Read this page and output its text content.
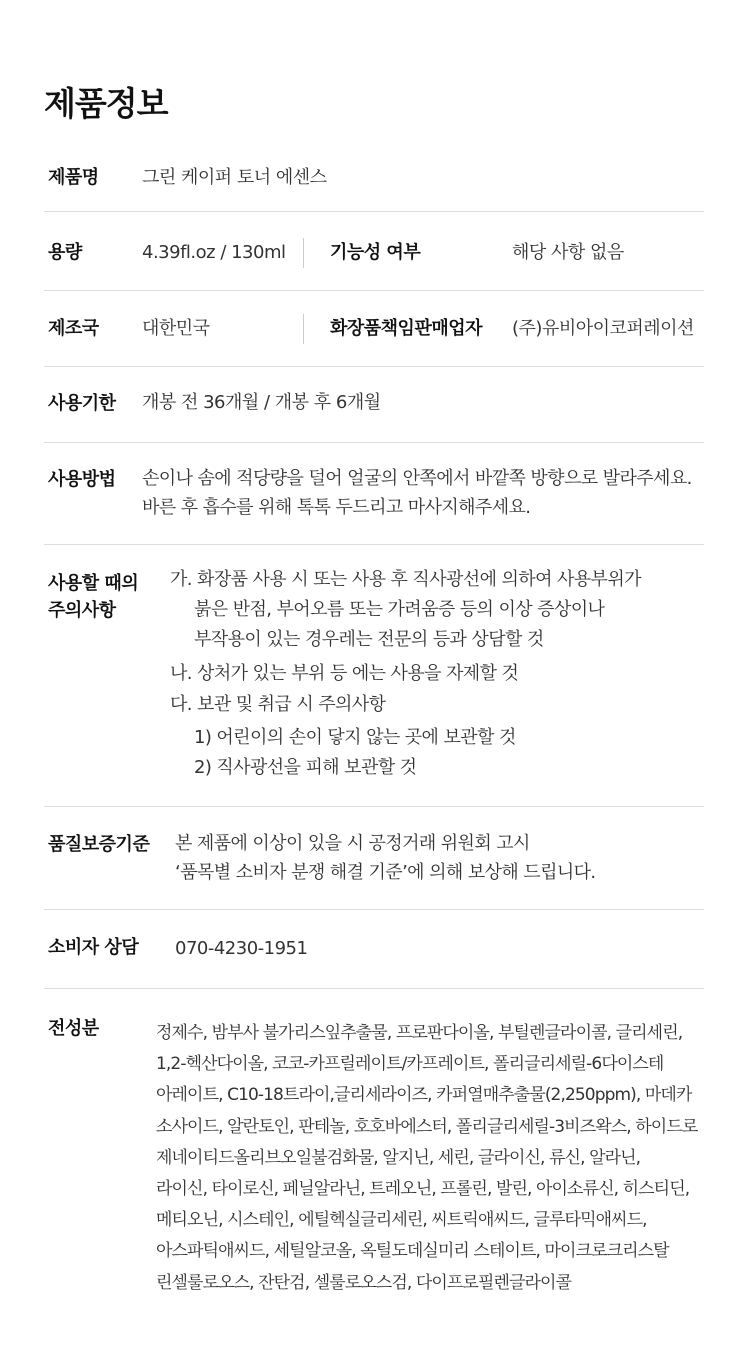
제품정보
제품명 그린 케이퍼 토너 에센스
용량	4.39fl.oz / 130ml 기능성 여부	해당 사항 없음
제조국 대한민국	화장품책임판매업자 (주)유비아이코퍼레이션
사용기한 개봉 전 36개월 / 개봉 후 6개월
사용방법 손이나 솜에 적당량을 덜어 얼굴의 안쪽에서 바깥쪽 방향으로 발라주세요.
바른 후 흡수를 위해 톡톡 두드리고 마사지해주세요.
사용할 때의
주의사항
가. 화장품 사용 시 또는 사용 후 직사광선에 의하여 사용부위가
붉은 반점, 부어오름 또는 가려움증 등의 이상 증상이나
부작용이 있는 경우레는 전문의 등과 상담할 것
나. 상처가 있는 부위 등 에는 사용을 자제할 것
다. 보관 및 취급 시 주의사항
1) 어린이의 손이 닿지 않는 곳에 보관할 것
2) 직사광선을 피해 보관할 것
품질보증기준 본 제품에 이상이 있을 시 공정거래 위원회 고시
‘품목별 소비자 분쟁 해결 기준’에 의해 보상해 드립니다.
소비자 상담 070-4230-1951
전성분	정제수, 밤부사 불가리스잎추출물, 프로판다이올, 부틸렌글라이콜, 글리세린,
1,2-헥산다이올, 코코-카프릴레이트/카프레이트, 폴리글리세릴-6다이스테
아레이트, C10-18트라이,글리세라이즈, 카퍼열매추출물(2,250ppm), 마데카
소사이드, 알란토인, 판테놀, 호호바에스터, 폴리글리세릴-3비즈왁스, 하이드로
제네이티드올리브오일불검화물, 알지닌, 세린, 글라이신, 류신, 알라닌,
라이신, 타이로신, 페닐알라닌, 트레오닌, 프롤린, 발린, 아이소류신, 히스티딘,
메티오닌, 시스테인, 에틸헥실글리세린, 씨트릭애씨드, 글루타믹애씨드,
아스파틱애씨드, 세틸알코올, 옥틸도데실미리 스테이트, 마이크로크리스탈
린셀룰로오스, 잔탄검, 셀룰로오스검, 다이프로필렌글라이콜
